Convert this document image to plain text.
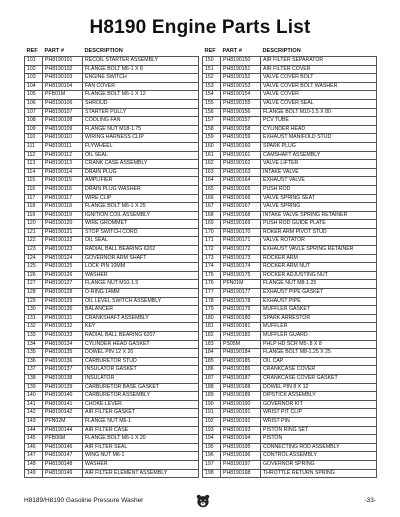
H8190 Engine Parts List
REF	PART #	DESCRIPTION
101	PH8190101	RECOIL STARTER ASSEMBLY
102	PH8190102	FLANGE BOLT M6-1 X 8
103	PH8190103	ENGINE SWITCH
104	PH8190104	FAN COVER
105	PFB01M	FLANGE BOLT M6-1 X 12
106	PH8190106	SHROUD
107	PH8190107	STARTER PULLY
108	PH8190108	COOLING FAN
109	PH8190109	FLANGE NUT M18-1.75
110	PH8190110	WIRING HARNESS CLIP
111	PH8190111	FLYWHEEL
112	PH8190112	OIL SEAL
113	PH8190113	CRANK CASE ASSEMBLY
114	PH8190114	DRAIN PLUG
115	PH8190115	AMPLIFIER
116	PH8190116	DRAIN PLUG WASHER
117	PH8190117	WIRE CLIP
118	PH8190118	FLANGE BOLT M6-1 X 25
119	PH8190119	IGNITION COIL ASSEMBLY
120	PH8190120	WIRE GROMMET
121	PH8190121	STOP SWITCH CORD
122	PH8190122	OIL SEAL
123	PH8190123	RADIAL BALL BEARING 6202
124	PH8190124	GOVERNOR ARM SHAFT
125	PH8190125	LOCK PIN 10MM
126	PH8190126	WASHER
127	PH8190127	FLANGE NUT M10-1.5
128	PH8190128	O-RING 14MM
129	PH8190129	OIL LEVEL SWITCH ASSEMBLY
130	PH8190130	BALANCER
131	PH8190131	CRANKSHAFT ASSEMBLY
132	PH8190132	KEY
133	PH8190133	RADIAL BALL BEARING 6207
134	PH8190134	CYLINDER HEAD GASKET
135	PH8190135	DOWEL PIN 12 X 20
136	PH8190136	CARBURETOR STUD
137	PH8190137	INSULATOR GASKET
138	PH8190138	INSULATOR
139	PH8190139	CARBURETOR BASE GASKET
140	PH8190140	CARBURETOR ASSEMBLY
141	PH8190141	CHOKE LEVER
142	PH8190142	AIR FILTER GASKET
143	PFN02M	FLANGE NUT M6-1
144	PH8190144	AIR FILTER CASE
145	PFB06M	FLANGE BOLT M6-1 X 20
146	PH8190146	AIR FILTER SEAL
147	PH8190147	WING NUT M6-1
148	PH8190148	WASHER
149	PH8190149	AIR FILTER ELEMENT ASSEMBLY
REF	PART #	DESCRIPTION
150	PH8190150	AIR FILTER SEPARATOR
151	PH8190151	AIR FILTER COVER
152	PH8190152	VALVE COVER BOLT
153	PH8190153	VALVE COVER BOLT WASHER
154	PH8190154	VALVE COVER
155	PH8190155	VALVE COVER SEAL
156	PH8190156	FLANGE BOLT M10-1.5 X 80
157	PH8190157	PCV TUBE
158	PH8190158	CYLINDER HEAD
159	PH8190159	EXHAUST MANIFOLD STUD
160	PH8190160	SPARK PLUG
161	PH8190161	CAMSHAFT ASSEMBLY
162	PH8190162	VALVE LIFTER
163	PH8190163	INTAKE VALVE
164	PH8190164	EXHAUST VALVE
165	PH8190165	PUSH ROD
166	PH8190166	VALVE SPRING SEAT
167	PH8190167	VALVE SPRING
168	PH8190168	INTAKE VALVE SPRING RETAINER
169	PH8190169	PUSH ROD GUIDE PLATE
170	PH8190170	ROKER ARM PIVOT STUD
171	PH8190171	VALVE ROTATOR
172	PH8190172	EXHAUST VAVLE SPRING RETAINER
173	PH8190173	ROCKER ARM
174	PH8190174	ROCKER ARM NUT
175	PH8190175	ROCKER ADJUSTING NUT
176	PFN01M	FLANGE NUT M8-1.25
177	PH8190177	EXHAUST PIPE GASKET
178	PH8190178	EXHAUST PIPE
179	PH8190179	MUFFLER GASKET
180	PH8190180	SPARK ARRESTOR
181	PH8190181	MUFFLER
182	PH8190182	MUFFLER GUARD
183	PS05M	PHLP HD SCR M5-.8 X 8
184	PH8190184	FLANGE BOLT M8-1.25 X 25
185	PH8190185	OIL CAP
186	PH8190186	CRANKCASE COVER
187	PH8190187	CRANKCASE COVER GASKET
188	PH8190188	DOWEL PIN 8 X 12
189	PH8190189	DIPSTICK ASSEMBLY
190	PH8190190	GOVERNOR KIT
191	PH8190191	WRIST PIT CLIP
192	PH8190192	WRIST PIN
193	PH8190193	PISTON RING SET
194	PH8190194	PISTON
195	PH8190195	CONNECTING ROD ASSEMBLY
196	PH8190196	CONTROL ASSEMBLY
197	PH8190197	GOVERNOR SPRING
198	PH8190198	THROTTLE RETURN SPRING
H8189/H8190 Gasoline Pressure Washer	-33-
